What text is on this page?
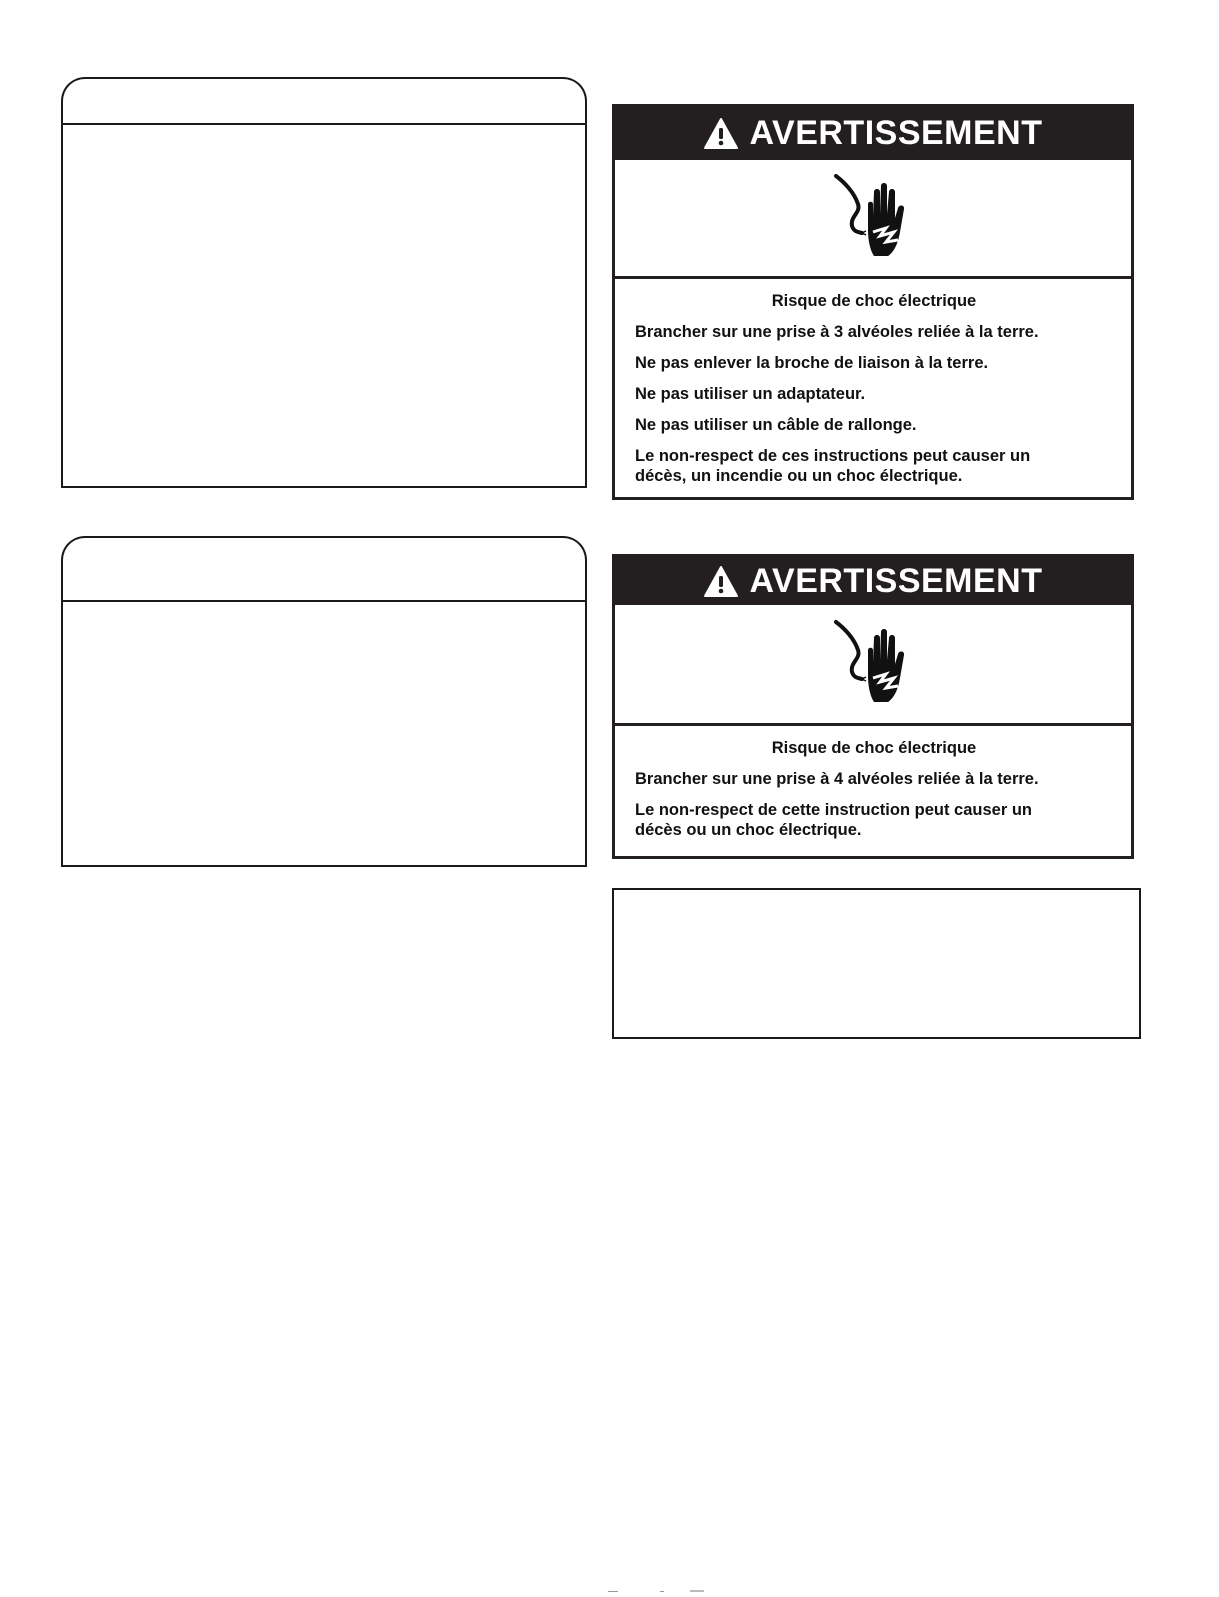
AVERTISSEMENT
Risque de choc électrique
Brancher sur une prise à 3 alvéoles reliée à la terre.
Ne pas enlever la broche de liaison à la terre.
Ne pas utiliser un adaptateur.
Ne pas utiliser un câble de rallonge.
Le non-respect de ces instructions peut causer un décès, un incendie ou un choc électrique.
AVERTISSEMENT
Risque de choc électrique
Brancher sur une prise à 4 alvéoles reliée à la terre.
Le non-respect de cette instruction peut causer un décès ou un choc électrique.
